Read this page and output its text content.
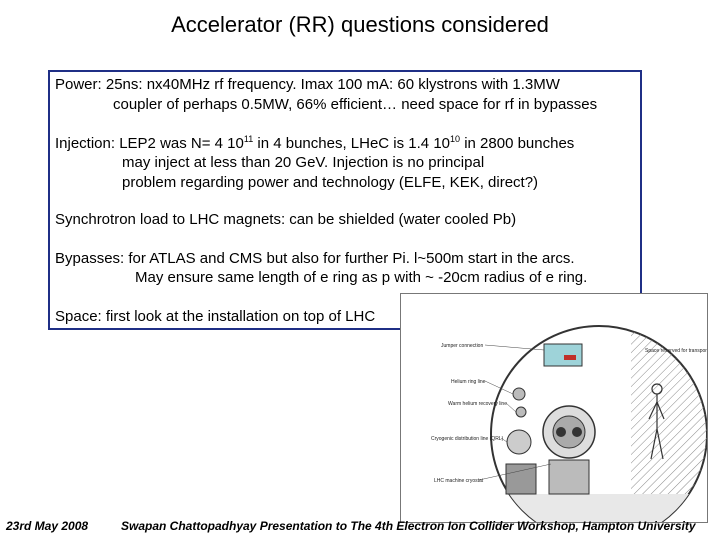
Accelerator (RR) questions considered
Power: 25ns: nx40MHz rf frequency. Imax 100 mA: 60 klystrons with 1.3MW
coupler of perhaps 0.5MW, 66% efficient… need space for rf in bypasses
Injection: LEP2 was N= 4 $10^{11}$ in 4 bunches, LHeC is 1.4 $10^{10}$ in 2800 bunches
may inject at less than 20 GeV. Injection is no principal
problem regarding power and technology (ELFE, KEK, direct?)
Synchrotron load to LHC magnets: can be shielded (water cooled Pb)
Bypasses: for ATLAS and CMS but also for further Pi. l~500m start in the arcs.
May ensure same length of e ring as p with ~ -20cm radius of e ring.
Space: first look at the installation on top of LHC
Jumper connection
Helium ring line
Warm helium recovery line
Cryogenic distribution line (QRL)
LHC machine cryostat
Space reserved for transport
23rd May 2008	Swapan Chattopadhyay Presentation to The 4th Electron Ion Collider Workshop, Hampton University
